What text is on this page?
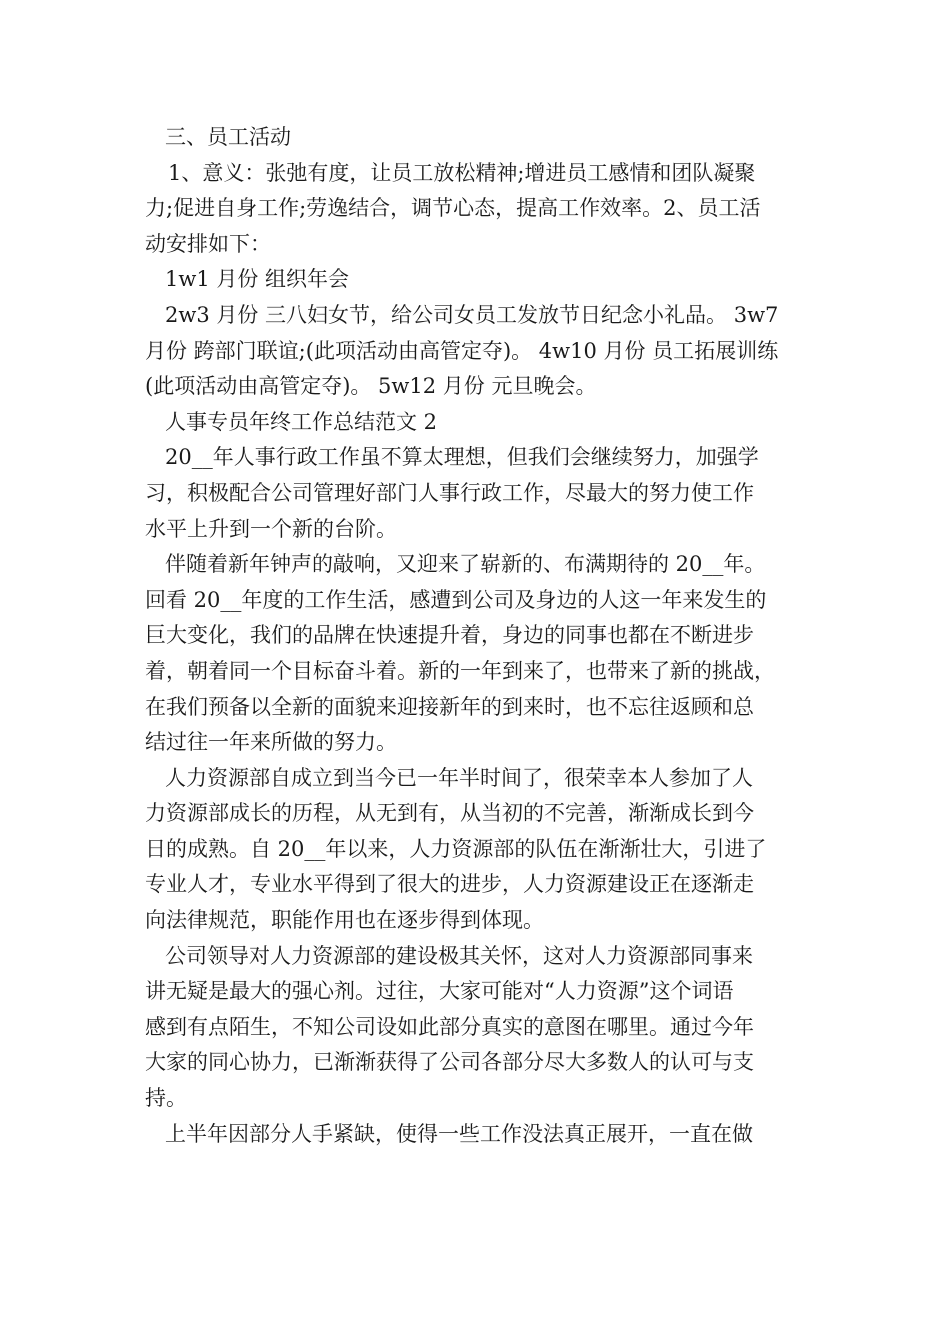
三、员工活动
1、意义：张弛有度，让员工放松精神;增进员工感情和团队凝聚
力;促进自身工作;劳逸结合，调节心态，提高工作效率。2、员工活
动安排如下：
1w1 月份 组织年会
2w3 月份 三八妇女节，给公司女员工发放节日纪念小礼品。 3w7
月份 跨部门联谊;(此项活动由高管定夺)。 4w10 月份 员工拓展训练
(此项活动由高管定夺)。 5w12 月份 元旦晚会。
人事专员年终工作总结范文 2
20__年人事行政工作虽不算太理想，但我们会继续努力，加强学
习，积极配合公司管理好部门人事行政工作，尽最大的努力使工作
水平上升到一个新的台阶。
伴随着新年钟声的敲响，又迎来了崭新的、布满期待的 20__年。
回看 20__年度的工作生活，感遭到公司及身边的人这一年来发生的
巨大变化，我们的品牌在快速提升着，身边的同事也都在不断进步
着，朝着同一个目标奋斗着。新的一年到来了，也带来了新的挑战，
在我们预备以全新的面貌来迎接新年的到来时，也不忘往返顾和总
结过往一年来所做的努力。
人力资源部自成立到当今已一年半时间了，很荣幸本人参加了人
力资源部成长的历程，从无到有，从当初的不完善，渐渐成长到今
日的成熟。自 20__年以来，人力资源部的队伍在渐渐壮大，引进了
专业人才，专业水平得到了很大的进步，人力资源建设正在逐渐走
向法律规范，职能作用也在逐步得到体现。
公司领导对人力资源部的建设极其关怀，这对人力资源部同事来
讲无疑是最大的强心剂。过往，大家可能对“人力资源”这个词语
感到有点陌生，不知公司设如此部分真实的意图在哪里。通过今年
大家的同心协力，已渐渐获得了公司各部分尽大多数人的认可与支
持。
上半年因部分人手紧缺，使得一些工作没法真正展开，一直在做
